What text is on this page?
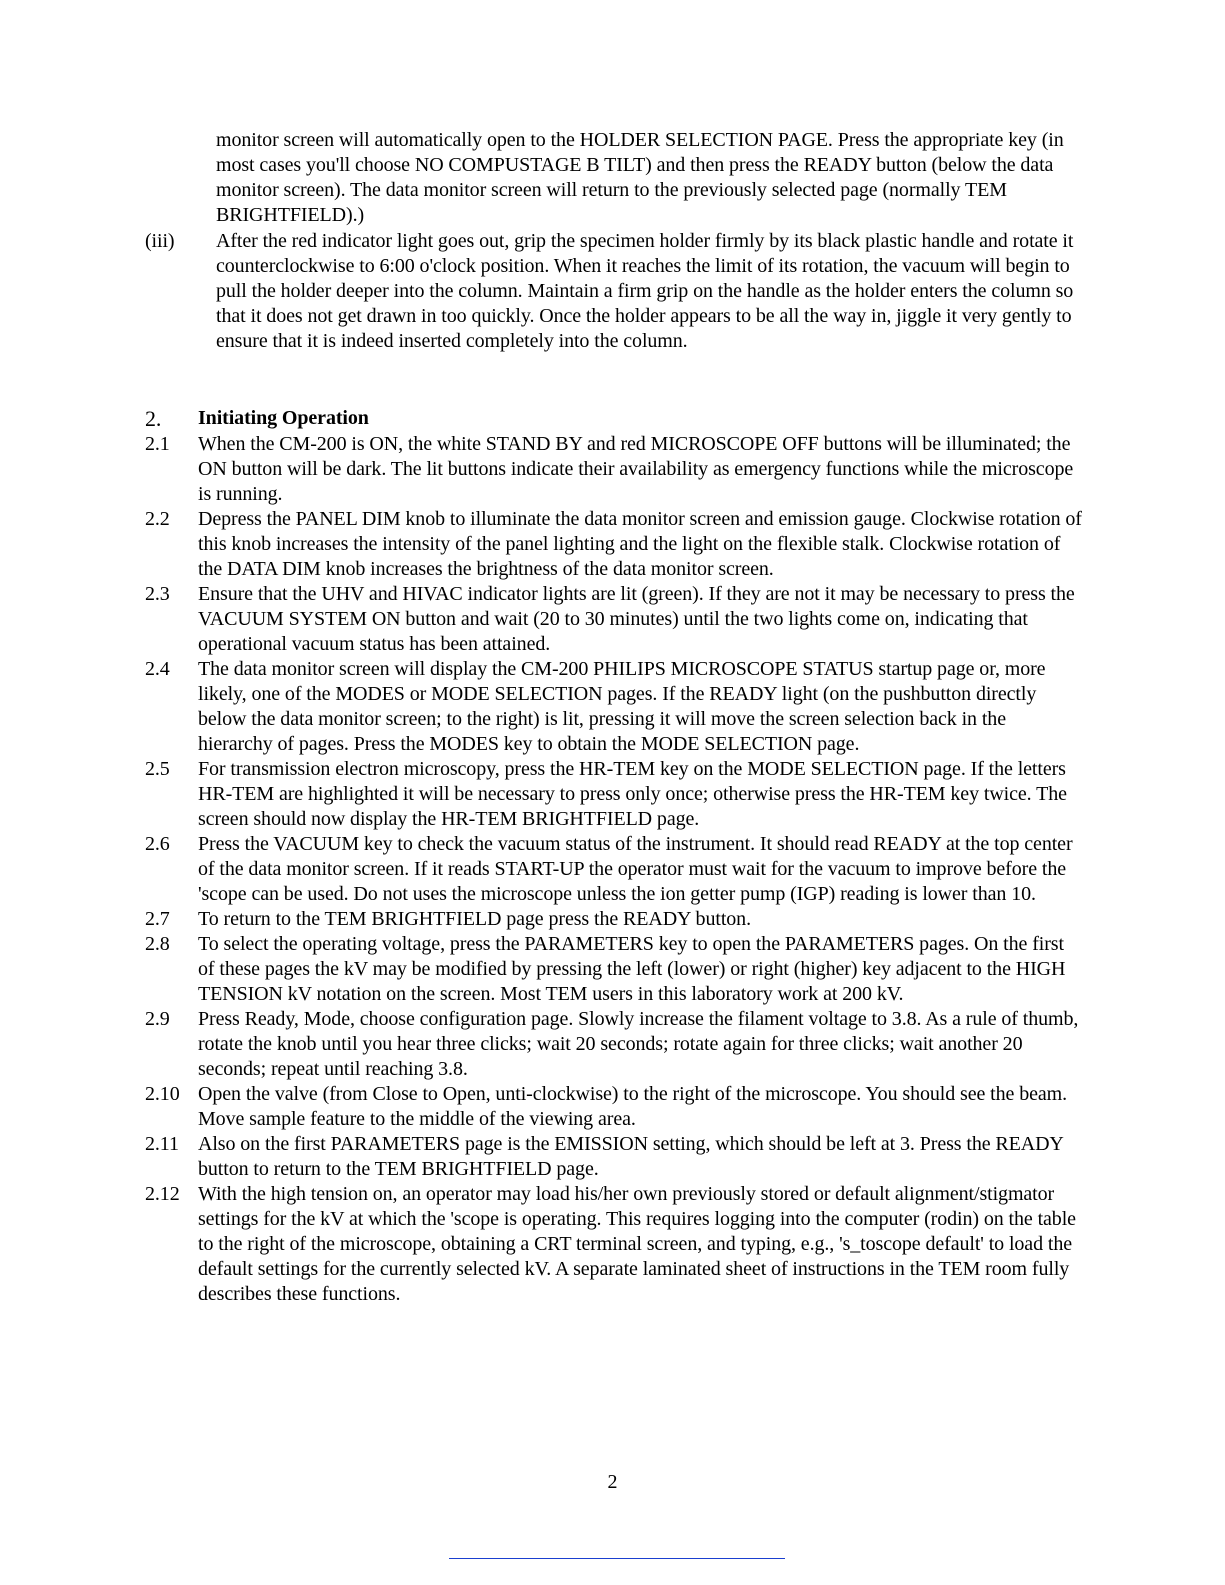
monitor screen will automatically open to the HOLDER SELECTION PAGE. Press the appropriate key (in most cases you'll choose NO COMPUSTAGE B TILT) and then press the READY button (below the data monitor screen). The data monitor screen will return to the previously selected page (normally TEM BRIGHTFIELD).)
(iii)	After the red indicator light goes out, grip the specimen holder firmly by its black plastic handle and rotate it counterclockwise to 6:00 o'clock position. When it reaches the limit of its rotation, the vacuum will begin to pull the holder deeper into the column. Maintain a firm grip on the handle as the holder enters the column so that it does not get drawn in too quickly. Once the holder appears to be all the way in, jiggle it very gently to ensure that it is indeed inserted completely into the column.
2. Initiating Operation
2.1 When the CM-200 is ON, the white STAND BY and red MICROSCOPE OFF buttons will be illuminated; the ON button will be dark. The lit buttons indicate their availability as emergency functions while the microscope is running.
2.2 Depress the PANEL DIM knob to illuminate the data monitor screen and emission gauge. Clockwise rotation of this knob increases the intensity of the panel lighting and the light on the flexible stalk. Clockwise rotation of the DATA DIM knob increases the brightness of the data monitor screen.
2.3 Ensure that the UHV and HIVAC indicator lights are lit (green). If they are not it may be necessary to press the VACUUM SYSTEM ON button and wait (20 to 30 minutes) until the two lights come on, indicating that operational vacuum status has been attained.
2.4 The data monitor screen will display the CM-200 PHILIPS MICROSCOPE STATUS startup page or, more likely, one of the MODES or MODE SELECTION pages. If the READY light (on the pushbutton directly below the data monitor screen; to the right) is lit, pressing it will move the screen selection back in the hierarchy of pages. Press the MODES key to obtain the MODE SELECTION page.
2.5 For transmission electron microscopy, press the HR-TEM key on the MODE SELECTION page. If the letters HR-TEM are highlighted it will be necessary to press only once; otherwise press the HR-TEM key twice. The screen should now display the HR-TEM BRIGHTFIELD page.
2.6 Press the VACUUM key to check the vacuum status of the instrument. It should read READY at the top center of the data monitor screen. If it reads START-UP the operator must wait for the vacuum to improve before the 'scope can be used. Do not uses the microscope unless the ion getter pump (IGP) reading is lower than 10.
2.7 To return to the TEM BRIGHTFIELD page press the READY button.
2.8 To select the operating voltage, press the PARAMETERS key to open the PARAMETERS pages. On the first of these pages the kV may be modified by pressing the left (lower) or right (higher) key adjacent to the HIGH TENSION kV notation on the screen. Most TEM users in this laboratory work at 200 kV.
2.9 Press Ready, Mode, choose configuration page. Slowly increase the filament voltage to 3.8. As a rule of thumb, rotate the knob until you hear three clicks; wait 20 seconds; rotate again for three clicks; wait another 20 seconds; repeat until reaching 3.8.
2.10 Open the valve (from Close to Open, unti-clockwise) to the right of the microscope. You should see the beam. Move sample feature to the middle of the viewing area.
2.11 Also on the first PARAMETERS page is the EMISSION setting, which should be left at 3. Press the READY button to return to the TEM BRIGHTFIELD page.
2.12 With the high tension on, an operator may load his/her own previously stored or default alignment/stigmator settings for the kV at which the 'scope is operating. This requires logging into the computer (rodin) on the table to the right of the microscope, obtaining a CRT terminal screen, and typing, e.g., 's_toscope default' to load the default settings for the currently selected kV. A separate laminated sheet of instructions in the TEM room fully describes these functions.
2
